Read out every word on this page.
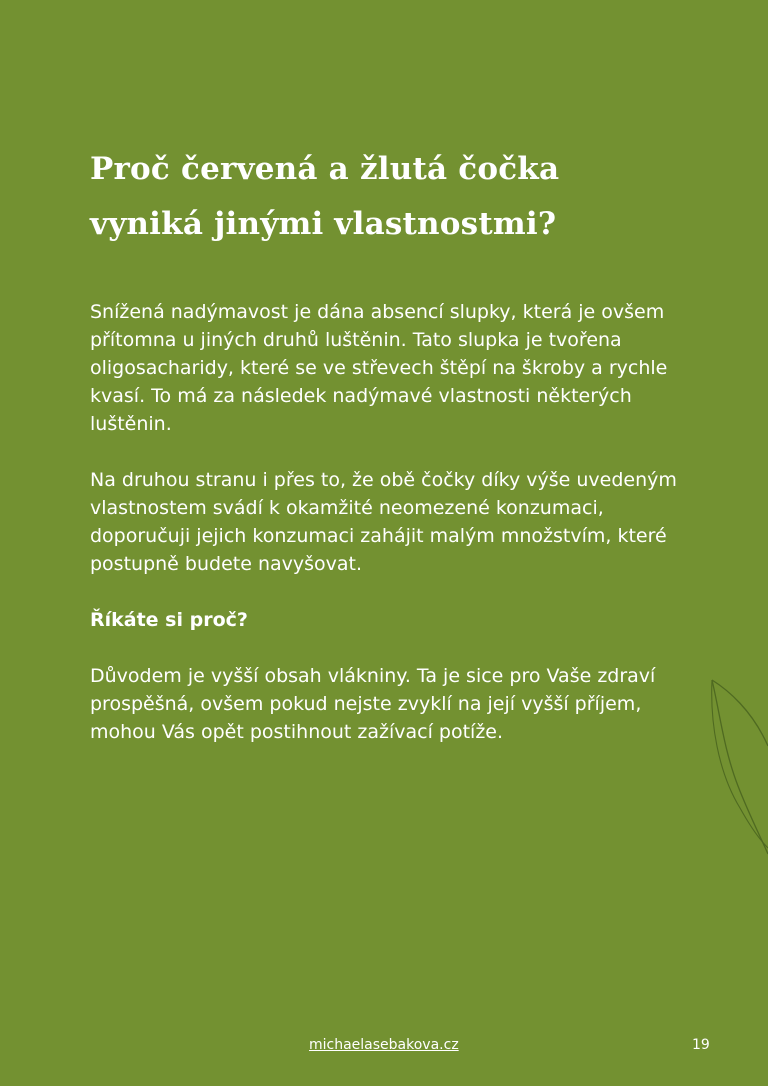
Proč červená a žlutá čočka
vyniká jinými vlastnostmi?

Snížená nadýmavost je dána absencí slupky, která je ovšem přítomna u jiných druhů luštěnin. Tato slupka je tvořena oligosacharidy, které se ve střevech štěpí na škroby a rychle kvasí. To má za následek nadýmavé vlastnosti některých luštěnin.

Na druhou stranu i přes to, že obě čočky díky výše uvedeným vlastnostem svádí k okamžité neomezené konzumaci, doporučuji jejich konzumaci zahájit malým množstvím, které postupně budete navyšovat.

Říkáte si proč?

Důvodem je vyšší obsah vlákniny. Ta je sice pro Vaše zdraví prospěšná, ovšem pokud nejste zvyklí na její vyšší příjem, mohou Vás opět postihnout zažívací potíže.

michaelasebakova.cz	19
